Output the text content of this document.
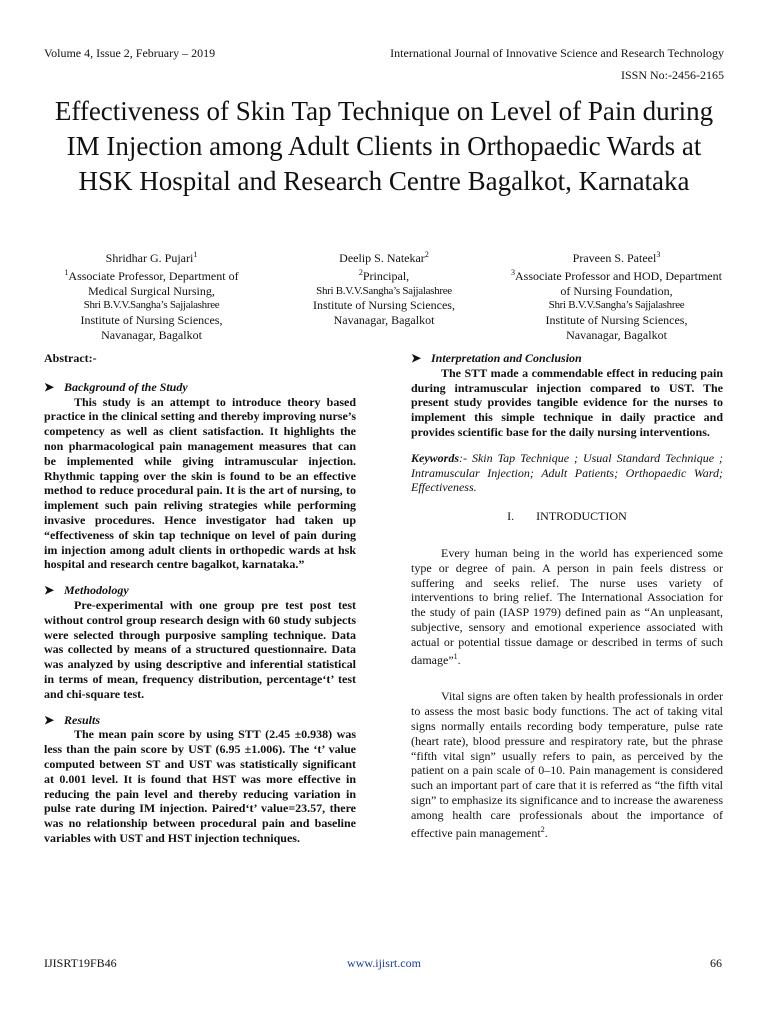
Volume 4, Issue 2, February – 2019	International Journal of Innovative Science and Research Technology
ISSN No:-2456-2165
Effectiveness of Skin Tap Technique on Level of Pain during IM Injection among Adult Clients in Orthopaedic Wards at HSK Hospital and Research Centre Bagalkot, Karnataka
Shridhar G. Pujari$^1$
$^1$Associate Professor, Department of Medical Surgical Nursing,
Shri B.V.V.Sangha’s Sajjalashree
Institute of Nursing Sciences,
Navanagar, Bagalkot
Deelip S. Natekar$^2$
$^2$Principal,
Shri B.V.V.Sangha’s Sajjalashree
Institute of Nursing Sciences,
Navanagar, Bagalkot
Praveen S. Pateel$^3$
$^3$Associate Professor and HOD, Department of Nursing Foundation,
Shri B.V.V.Sangha’s Sajjalashree
Institute of Nursing Sciences,
Navanagar, Bagalkot
Abstract:-
➤ Background of the Study

This study is an attempt to introduce theory based practice in the clinical setting and thereby improving nurse’s competency as well as client satisfaction. It highlights the non pharmacological pain management measures that can be implemented while giving intramuscular injection. Rhythmic tapping over the skin is found to be an effective method to reduce procedural pain. It is the art of nursing, to implement such pain reliving strategies while performing invasive procedures. Hence investigator had taken up “effectiveness of skin tap technique on level of pain during im injection among adult clients in orthopedic wards at hsk hospital and research centre bagalkot, karnataka.”

➤ Methodology

Pre-experimental with one group pre test post test without control group research design with 60 study subjects were selected through purposive sampling technique. Data was collected by means of a structured questionnaire. Data was analyzed by using descriptive and inferential statistical in terms of mean, frequency distribution, percentage‘t’ test and chi-square test.

➤ Results

The mean pain score by using STT (2.45 ±0.938) was less than the pain score by UST (6.95 ±1.006). The ‘t’ value computed between ST and UST was statistically significant at 0.001 level. It is found that HST was more effective in reducing the pain level and thereby reducing variation in pulse rate during IM injection. Paired‘t’ value=23.57, there was no relationship between procedural pain and baseline variables with UST and HST injection techniques.

➤ Interpretation and Conclusion

The STT made a commendable effect in reducing pain during intramuscular injection compared to UST. The present study provides tangible evidence for the nurses to implement this simple technique in daily practice and provides scientific base for the daily nursing interventions.

Keywords:- Skin Tap Technique ; Usual Standard Technique ; Intramuscular Injection; Adult Patients; Orthopaedic Ward; Effectiveness.

I. INTRODUCTION

Every human being in the world has experienced some type or degree of pain. A person in pain feels distress or suffering and seeks relief. The nurse uses variety of interventions to bring relief. The International Association for the study of pain (IASP 1979) defined pain as “An unpleasant, subjective, sensory and emotional experience associated with actual or potential tissue damage or described in terms of such damage”$^1$.

Vital signs are often taken by health professionals in order to assess the most basic body functions. The act of taking vital signs normally entails recording body temperature, pulse rate (heart rate), blood pressure and respiratory rate, but the phrase “fifth vital sign” usually refers to pain, as perceived by the patient on a pain scale of 0–10. Pain management is considered such an important part of care that it is referred as “the fifth vital sign” to emphasize its significance and to increase the awareness among health care professionals about the importance of effective pain management$^2$.

IJISRT19FB46	www.ijisrt.com	66
